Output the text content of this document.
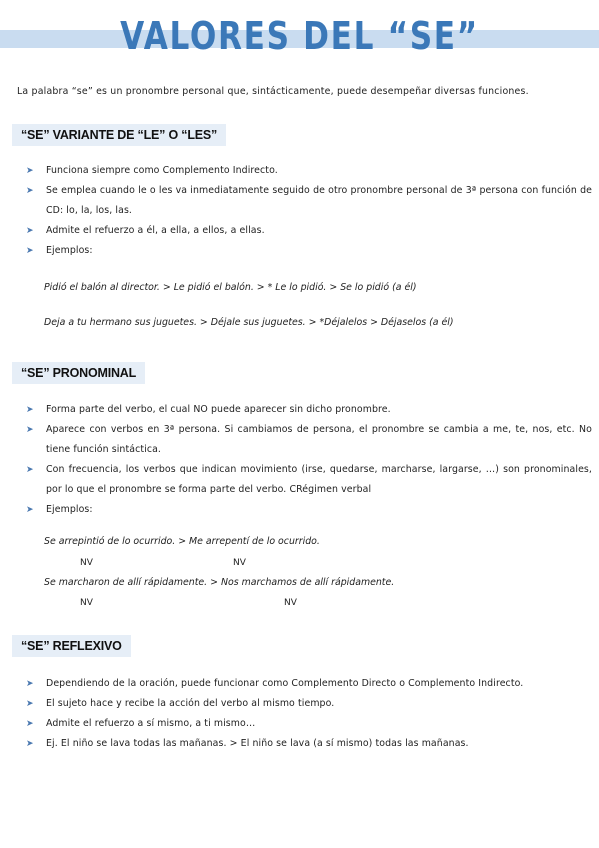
VALORES DEL “SE”
La palabra “se” es un pronombre personal que, sintácticamente, puede desempeñar diversas funciones.
“SE” VARIANTE DE “LE” O “LES”
➤ Funciona siempre como Complemento Indirecto.
➤ Se emplea cuando le o les va inmediatamente seguido de otro pronombre personal de 3ª persona con función de CD: lo, la, los, las.
➤ Admite el refuerzo a él, a ella, a ellos, a ellas.
➤ Ejemplos:
Pidió el balón al director. > Le pidió el balón. > * Le lo pidió. > Se lo pidió (a él)
Deja a tu hermano sus juguetes. > Déjale sus juguetes. > *Déjalelos > Déjaselos (a él)
“SE” PRONOMINAL
➤ Forma parte del verbo, el cual NO puede aparecer sin dicho pronombre.
➤ Aparece con verbos en 3ª persona. Si cambiamos de persona, el pronombre se cambia a me, te, nos, etc. No tiene función sintáctica.
➤ Con frecuencia, los verbos que indican movimiento (irse, quedarse, marcharse, largarse, …) son pronominales, por lo que el pronombre se forma parte del verbo. CRégimen verbal
➤ Ejemplos:
Se arrepintió de lo ocurrido. > Me arrepentí de lo ocurrido.
NV	NV
Se marcharon de allí rápidamente. > Nos marchamos de allí rápidamente.
NV	NV
“SE” REFLEXIVO
➤ Dependiendo de la oración, puede funcionar como Complemento Directo o Complemento Indirecto.
➤ El sujeto hace y recibe la acción del verbo al mismo tiempo.
➤ Admite el refuerzo a sí mismo, a ti mismo…
➤ Ej. El niño se lava todas las mañanas. > El niño se lava (a sí mismo) todas las mañanas.
